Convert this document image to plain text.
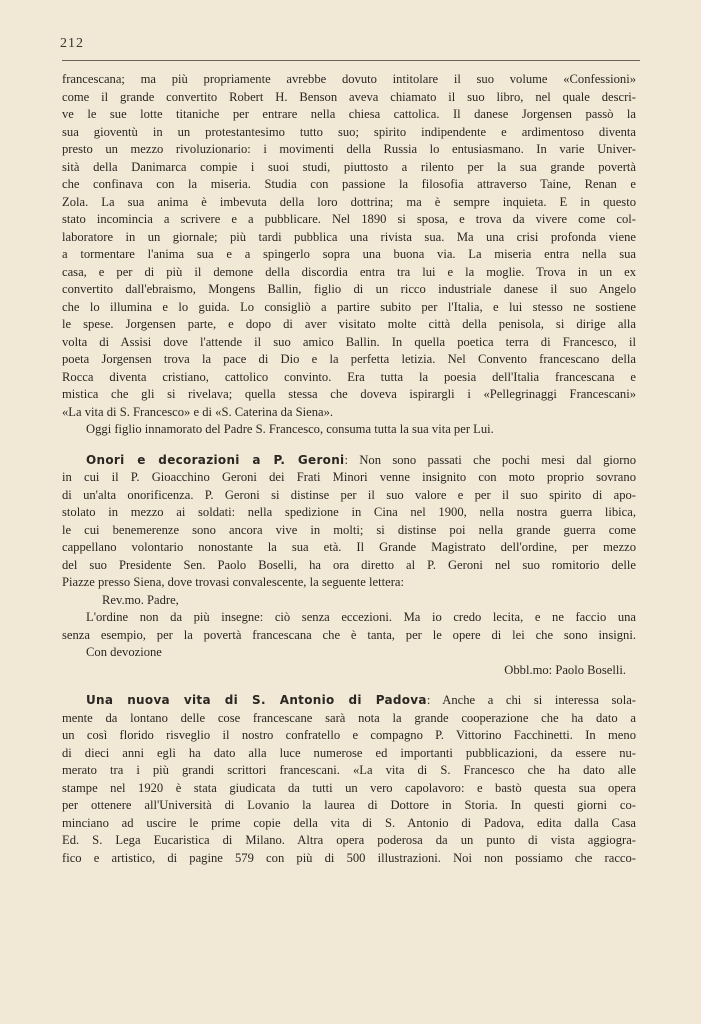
212

francescana; ma più propriamente avrebbe dovuto intitolare il suo volume «Confessioni»

come il grande convertito Robert H. Benson aveva chiamato il suo libro, nel quale descri-

ve le sue lotte titaniche per entrare nella chiesa cattolica. Il danese Jorgensen passò la

sua gioventù in un protestantesimo tutto suo; spirito indipendente e ardimentoso diventa

presto un mezzo rivoluzionario: i movimenti della Russia lo entusiasmano. In varie Univer-

sità della Danimarca compie i suoi studi, piuttosto a rilento per la sua grande povertà

che confinava con la miseria. Studia con passione la filosofia attraverso Taine, Renan e

Zola. La sua anima è imbevuta della loro dottrina; ma è sempre inquieta. E in questo

stato incomincia a scrivere e a pubblicare. Nel 1890 si sposa, e trova da vivere come col-

laboratore in un giornale; più tardi pubblica una rivista sua. Ma una crisi profonda viene

a tormentare l'anima sua e a spingerlo sopra una buona via. La miseria entra nella sua

casa, e per di più il demone della discordia entra tra lui e la moglie. Trova in un ex

convertito dall'ebraismo, Mongens Ballin, figlio di un ricco industriale danese il suo Angelo

che lo illumina e lo guida. Lo consigliò a partire subito per l'Italia, e lui stesso ne sostiene

le spese. Jorgensen parte, e dopo di aver visitato molte città della penisola, si dirige alla

volta di Assisi dove l'attende il suo amico Ballin. In quella poetica terra di Francesco, il

poeta Jorgensen trova la pace di Dio e la perfetta letizia. Nel Convento francescano della

Rocca diventa cristiano, cattolico convinto. Era tutta la poesia dell'Italia francescana e

mistica che gli si rivelava; quella stessa che doveva ispirargli i «Pellegrinaggi Francescani»

«La vita di S. Francesco» e di «S. Caterina da Siena».

Oggi figlio innamorato del Padre S. Francesco, consuma tutta la sua vita per Lui.

Onori e decorazioni a P. Geroni: Non sono passati che pochi mesi dal giorno

in cui il P. Gioacchino Geroni dei Frati Minori venne insignito con moto proprio sovrano

di un'alta onorificenza. P. Geroni si distinse per il suo valore e per il suo spirito di apo-

stolato in mezzo ai soldati: nella spedizione in Cina nel 1900, nella nostra guerra libica,

le cui benemerenze sono ancora vive in molti; si distinse poi nella grande guerra come

cappellano volontario nonostante la sua età. Il Grande Magistrato dell'ordine, per mezzo

del suo Presidente Sen. Paolo Boselli, ha ora diretto al P. Geroni nel suo romitorio delle

Piazze presso Siena, dove trovasi convalescente, la seguente lettera:

Rev.mo. Padre,

L'ordine non da più insegne: ciò senza eccezioni. Ma io credo lecita, e ne faccio una

senza esempio, per la povertà francescana che è tanta, per le opere di lei che sono insigni.

Con devozione

Obbl.mo: Paolo Boselli.

Una nuova vita di S. Antonio di Padova: Anche a chi si interessa sola-

mente da lontano delle cose francescane sarà nota la grande cooperazione che ha dato a

un così florido risveglio il nostro confratello e compagno P. Vittorino Facchinetti. In meno

di dieci anni egli ha dato alla luce numerose ed importanti pubblicazioni, da essere nu-

merato tra i più grandi scrittori francescani. «La vita di S. Francesco che ha dato alle

stampe nel 1920 è stata giudicata da tutti un vero capolavoro: e bastò questa sua opera

per ottenere all'Università di Lovanio la laurea di Dottore in Storia. In questi giorni co-

minciano ad uscire le prime copie della vita di S. Antonio di Padova, edita dalla Casa

Ed. S. Lega Eucaristica di Milano. Altra opera poderosa da un punto di vista aggiogra-

fico e artistico, di pagine 579 con più di 500 illustrazioni. Noi non possiamo che racco-
